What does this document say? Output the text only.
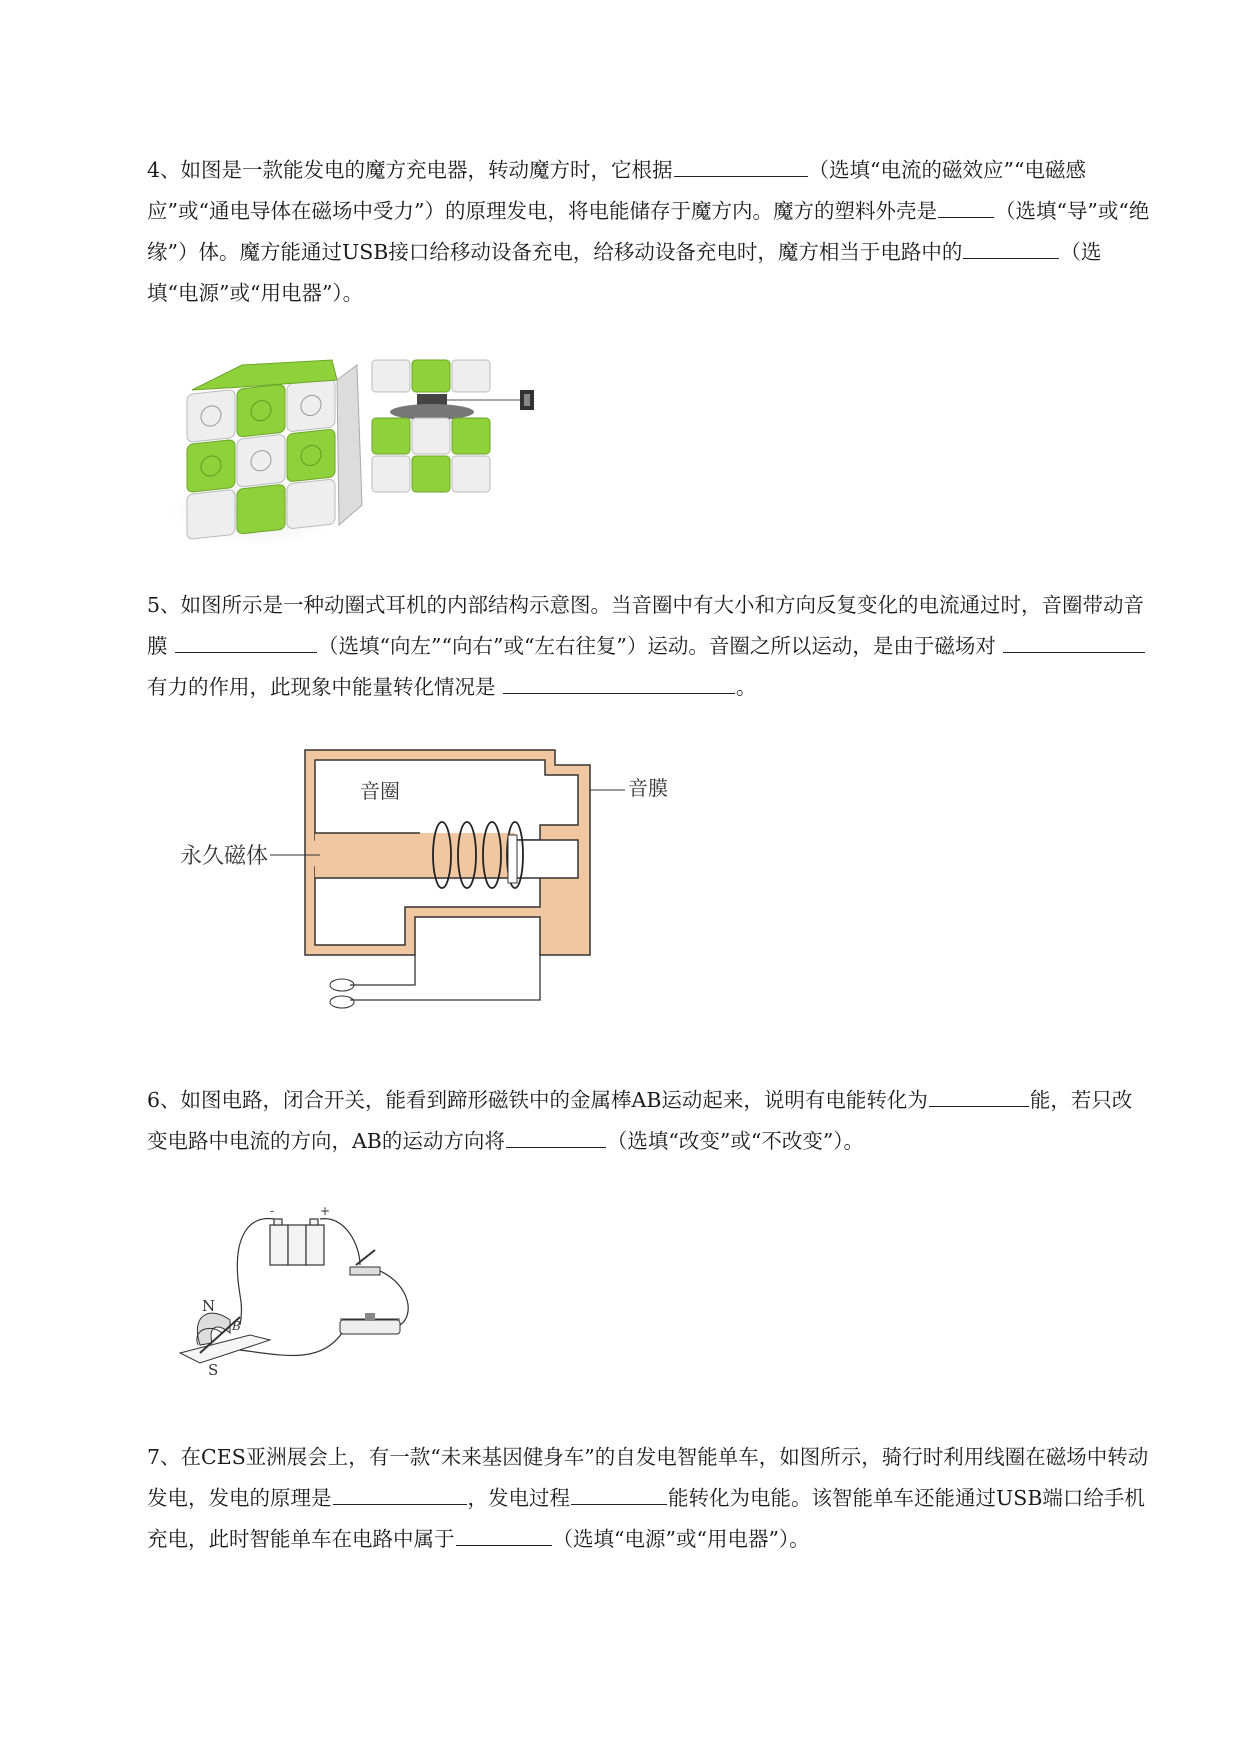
4、如图是一款能发电的魔方充电器，转动魔方时，它根据	（选填“电流的磁效应”“电磁感应”或“通电导体在磁场中受力”）的原理发电，将电能储存于魔方内。魔方的塑料外壳是	（选填“导”或“绝缘”）体。魔方能通过USB接口给移动设备充电，给移动设备充电时，魔方相当于电路中的	（选填“电源”或“用电器”）。
5、如图所示是一种动圈式耳机的内部结构示意图。当音圈中有大小和方向反复变化的电流通过时，音圈带动音膜	（选填“向左”“向右”或“左右往复”）运动。音圈之所以运动，是由于磁场对 有力的作用，此现象中能量转化情况是	。
音圈	音膜
永久磁体
6、如图电路，闭合开关，能看到蹄形磁铁中的金属棒AB运动起来，说明有电能转化为	能，若只改变电路中电流的方向，AB的运动方向将	（选填“改变”或“不改变”）。
-	+
N
S
B
7、在CES亚洲展会上，有一款“未来基因健身车”的自发电智能单车，如图所示，骑行时利用线圈在磁场中转动发电，发电的原理是	，发电过程	能转化为电能。该智能单车还能通过USB端口给手机充电，此时智能单车在电路中属于	（选填“电源”或“用电器”）。
